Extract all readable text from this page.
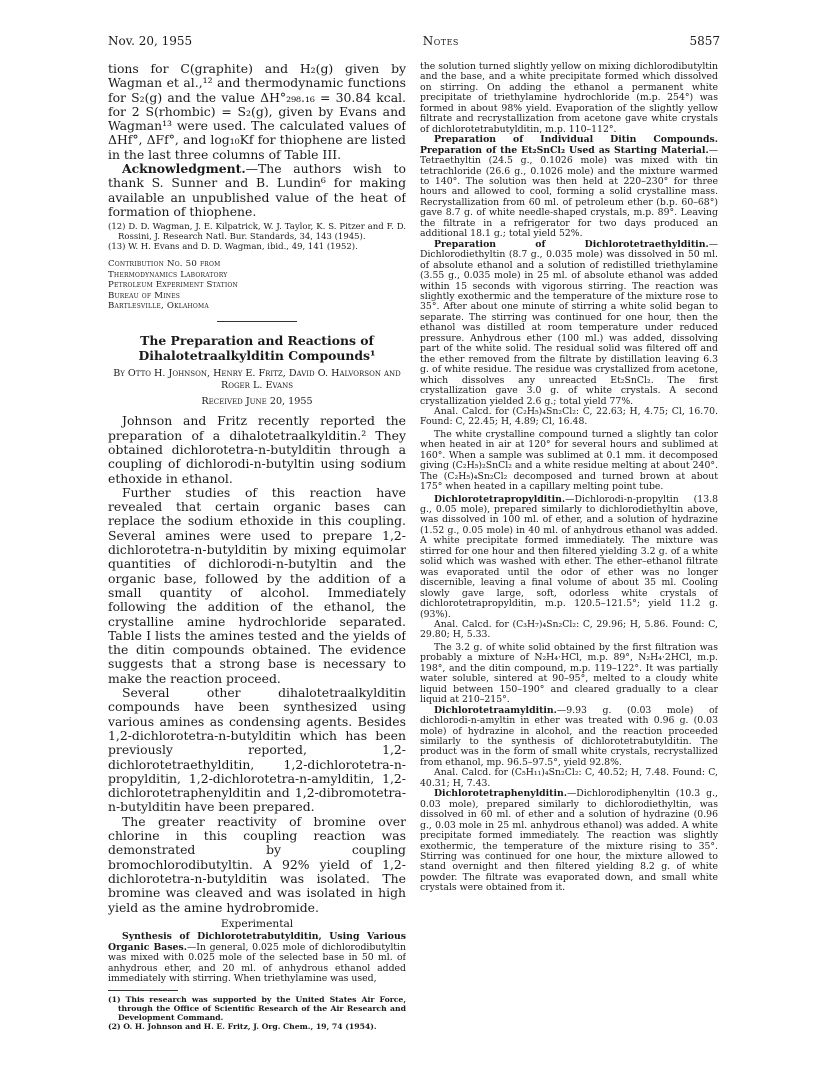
Nov. 20, 1955	Notes	5857

tions for C(graphite) and H₂(g) given by Wagman et al.,¹² and thermodynamic functions for S₂(g) and the value ΔH°₂₉₈.₁₆ = 30.84 kcal. for 2 S(rhombic) = S₂(g), given by Evans and Wagman¹³ were used. The calculated values of ΔHf°, ΔFf°, and log₁₀Kf for thiophene are listed in the last three columns of Table III.

Acknowledgment.—The authors wish to thank S. Sunner and B. Lundin⁶ for making available an unpublished value of the heat of formation of thiophene.

(12) D. D. Wagman, J. E. Kilpatrick, W. J. Taylor, K. S. Pitzer and F. D. Rossini, J. Research Natl. Bur. Standards, 34, 143 (1945).

(13) W. H. Evans and D. D. Wagman, ibid., 49, 141 (1952).

Contribution No. 50 from
Thermodynamics Laboratory
Petroleum Experiment Station
Bureau of Mines
Bartlesville, Oklahoma
The Preparation and Reactions of Dihalotetraalkylditin Compounds¹
By Otto H. Johnson, Henry E. Fritz, David O. Halvorson and Roger L. Evans
Received June 20, 1955

Johnson and Fritz recently reported the preparation of a dihalotetraalkylditin.² They obtained dichlorotetra-n-butylditin through a coupling of dichlorodi-n-butyltin using sodium ethoxide in ethanol.

Further studies of this reaction have revealed that certain organic bases can replace the sodium ethoxide in this coupling. Several amines were used to prepare 1,2-dichlorotetra-n-butylditin by mixing equimolar quantities of dichlorodi-n-butyltin and the organic base, followed by the addition of a small quantity of alcohol. Immediately following the addition of the ethanol, the crystalline amine hydrochloride separated. Table I lists the amines tested and the yields of the ditin compounds obtained. The evidence suggests that a strong base is necessary to make the reaction proceed.

Several other dihalotetraalkylditin compounds have been synthesized using various amines as condensing agents. Besides 1,2-dichlorotetra-n-butylditin which has been previously reported, 1,2-dichlorotetraethylditin, 1,2-dichlorotetra-n-propylditin, 1,2-dichlorotetra-n-amylditin, 1,2-dichlorotetraphenylditin and 1,2-dibromotetra-n-butylditin have been prepared.

The greater reactivity of bromine over chlorine in this coupling reaction was demonstrated by coupling bromochlorodibutyltin. A 92% yield of 1,2-dichlorotetra-n-butylditin was isolated. The bromine was cleaved and was isolated in high yield as the amine hydrobromide.

Experimental

Synthesis of Dichlorotetrabutylditin, Using Various Organic Bases.—In general, 0.025 mole of dichlorodibutyltin was mixed with 0.025 mole of the selected base in 50 ml. of anhydrous ether, and 20 ml. of anhydrous ethanol added immediately with stirring. When triethylamine was used,

(1) This research was supported by the United States Air Force, through the Office of Scientific Research of the Air Research and Development Command.

(2) O. H. Johnson and H. E. Fritz, J. Org. Chem., 19, 74 (1954).

the solution turned slightly yellow on mixing dichlorodibutyltin and the base, and a white precipitate formed which dissolved on stirring. On adding the ethanol a permanent white precipitate of triethylamine hydrochloride (m.p. 254°) was formed in about 98% yield. Evaporation of the slightly yellow filtrate and recrystallization from acetone gave white crystals of dichlorotetrabutylditin, m.p. 110–112°.

Preparation of Individual Ditin Compounds. Preparation of the Et₂SnCl₂ Used as Starting Material.—Tetraethyltin (24.5 g., 0.1026 mole) was mixed with tin tetrachloride (26.6 g., 0.1026 mole) and the mixture warmed to 140°. The solution was then held at 220–230° for three hours and allowed to cool, forming a solid crystalline mass. Recrystallization from 60 ml. of petroleum ether (b.p. 60–68°) gave 8.7 g. of white needle-shaped crystals, m.p. 89°. Leaving the filtrate in a refrigerator for two days produced an additional 18.1 g.; total yield 52%.

Preparation of Dichlorotetraethylditin.—Dichlorodiethyltin (8.7 g., 0.035 mole) was dissolved in 50 ml. of absolute ethanol and a solution of redistilled triethylamine (3.55 g., 0.035 mole) in 25 ml. of absolute ethanol was added within 15 seconds with vigorous stirring. The reaction was slightly exothermic and the temperature of the mixture rose to 35°. After about one minute of stirring a white solid began to separate. The stirring was continued for one hour, then the ethanol was distilled at room temperature under reduced pressure. Anhydrous ether (100 ml.) was added, dissolving part of the white solid. The residual solid was filtered off and the ether removed from the filtrate by distillation leaving 6.3 g. of white residue. The residue was crystallized from acetone, which dissolves any unreacted Et₂SnCl₂. The first crystallization gave 3.0 g. of white crystals. A second crystallization yielded 2.6 g.; total yield 77%.

Anal. Calcd. for (C₂H₅)₄Sn₂Cl₂: C, 22.63; H, 4.75; Cl, 16.70. Found: C, 22.45; H, 4.89; Cl, 16.48.

The white crystalline compound turned a slightly tan color when heated in air at 120° for several hours and sublimed at 160°. When a sample was sublimed at 0.1 mm. it decomposed giving (C₂H₅)₂SnCl₂ and a white residue melting at about 240°. The (C₂H₅)₄Sn₂Cl₂ decomposed and turned brown at about 175° when heated in a capillary melting point tube.

Dichlorotetrapropylditin.—Dichlorodi-n-propyltin (13.8 g., 0.05 mole), prepared similarly to dichlorodiethyltin above, was dissolved in 100 ml. of ether, and a solution of hydrazine (1.52 g., 0.05 mole) in 40 ml. of anhydrous ethanol was added. A white precipitate formed immediately. The mixture was stirred for one hour and then filtered yielding 3.2 g. of a white solid which was washed with ether. The ether–ethanol filtrate was evaporated until the odor of ether was no longer discernible, leaving a final volume of about 35 ml. Cooling slowly gave large, soft, odorless white crystals of dichlorotetrapropylditin, m.p. 120.5–121.5°; yield 11.2 g. (93%).

Anal. Calcd. for (C₃H₇)₄Sn₂Cl₂: C, 29.96; H, 5.86. Found: C, 29.80; H, 5.33.

The 3.2 g. of white solid obtained by the first filtration was probably a mixture of N₂H₄·HCl, m.p. 89°, N₂H₄·2HCl, m.p. 198°, and the ditin compound, m.p. 119–122°. It was partially water soluble, sintered at 90–95°, melted to a cloudy white liquid between 150–190° and cleared gradually to a clear liquid at 210–215°.

Dichlorotetraamylditin.—9.93 g. (0.03 mole) of dichlorodi-n-amyltin in ether was treated with 0.96 g. (0.03 mole) of hydrazine in alcohol, and the reaction proceeded similarly to the synthesis of dichlorotetrabutylditin. The product was in the form of small white crystals, recrystallized from ethanol, mp. 96.5–97.5°, yield 92.8%.

Anal. Calcd. for (C₅H₁₁)₄Sn₂Cl₂: C, 40.52; H, 7.48. Found: C, 40.31; H, 7.43.

Dichlorotetraphenylditin.—Dichlorodiphenyltin (10.3 g., 0.03 mole), prepared similarly to dichlorodiethyltin, was dissolved in 60 ml. of ether and a solution of hydrazine (0.96 g., 0.03 mole in 25 ml. anhydrous ethanol) was added. A white precipitate formed immediately. The reaction was slightly exothermic, the temperature of the mixture rising to 35°. Stirring was continued for one hour, the mixture allowed to stand overnight and then filtered yielding 8.2 g. of white powder. The filtrate was evaporated down, and small white crystals were obtained from it.
